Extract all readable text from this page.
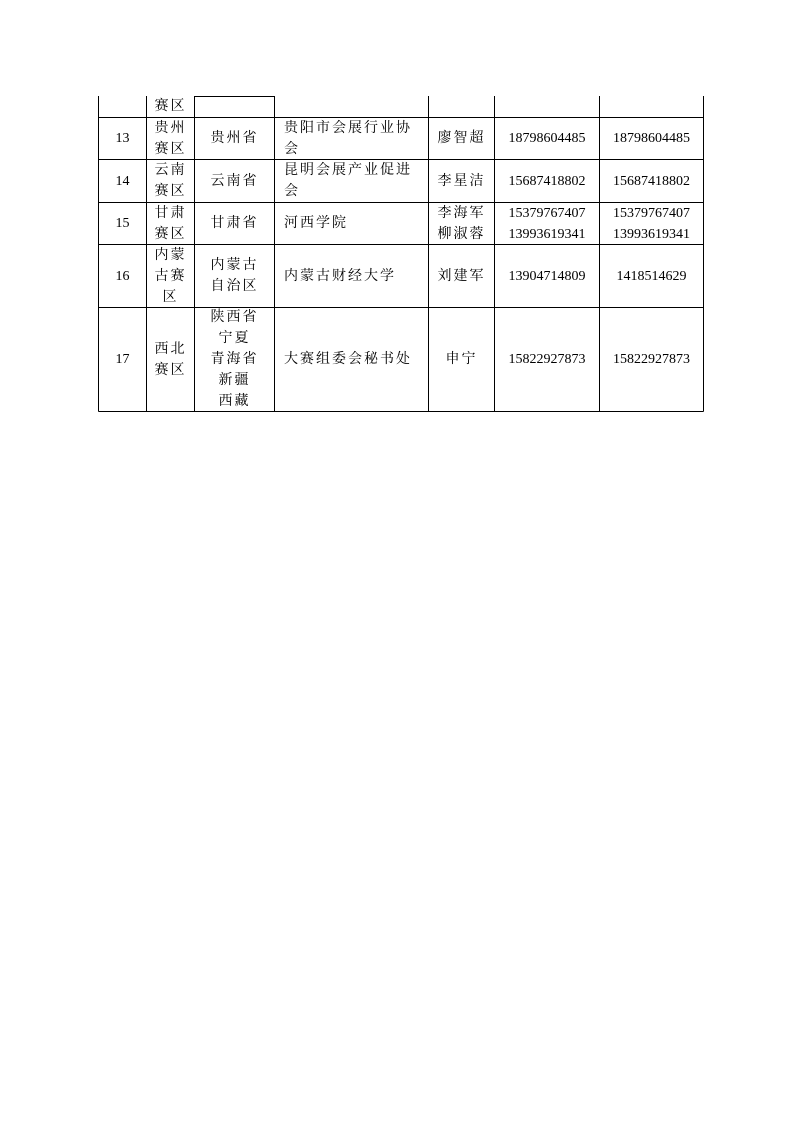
赛区
13
贵州
赛区
贵州省
贵阳市会展行业协
会
廖智超 18798604485 18798604485
14
云南
赛区
云南省
昆明会展产业促进
会
李星洁 15687418802 15687418802
15
甘肃
赛区
甘肃省 河西学院
李海军
柳淑蓉
15379767407
13993619341
15379767407
13993619341
16
内蒙
古赛
区
内蒙古
自治区
内蒙古财经大学	刘建军 13904714809 1418514629
17
西北
赛区
陕西省
宁夏
青海省
新疆
西藏
大赛组委会秘书处 申宁 15822927873 15822927873
